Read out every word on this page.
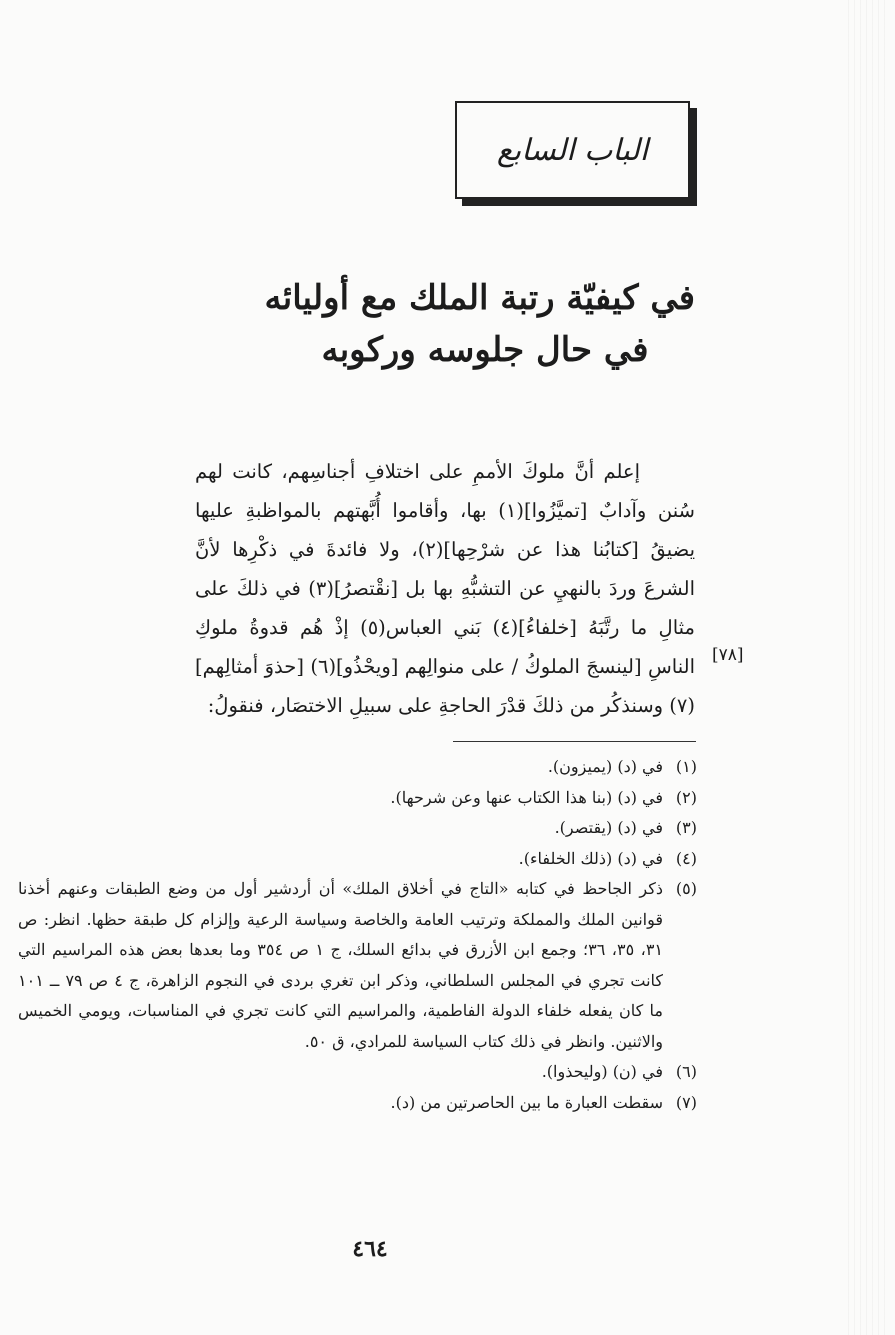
الباب السابع
في كيفيّة رتبة الملك مع أوليائه
في حال جلوسه وركوبه

إعلم أنَّ ملوكَ الأممِ على اختلافِ أجناسِهم، كانت لهم سُنن وآدابٌ [تميَّزُوا](١) بها، وأقاموا أُبَّهتهم بالمواظبةِ عليها يضيقُ [كتابُنا هذا عن شرْحِها](٢)، ولا فائدةَ في ذكْرِها لأنَّ الشرعَ وردَ بالنهيِ عن التشبُّهِ بها بل [نقْتصرُ](٣) في ذلكَ على مثالِ ما رتَّبَهُ [خلفاءُ](٤) بَني العباس(٥) إذْ هُم قدوةُ ملوكِ الناسِ [لينسجَ الملوكُ / على منوالِهم [ويحْذُو](٦) [حذوَ أمثالِهم](٧) وسنذكُر من ذلكَ قدْرَ الحاجةِ على سبيلِ الاختصَار، فنقولُ:

[٧٨]
(١)
في (د) (يميزون).
(٢)
في (د) (بنا هذا الكتاب عنها وعن شرحها).
(٣)
في (د) (يقتصر).
(٤)
في (د) (ذلك الخلفاء).
(٥)
ذكر الجاحظ في كتابه «التاج في أخلاق الملك» أن أردشير أول من وضع الطبقات وعنهم أخذنا قوانين الملك والمملكة وترتيب العامة والخاصة وسياسة الرعية وإلزام كل طبقة حظها. انظر: ص ٣١، ٣٥، ٣٦؛ وجمع ابن الأزرق في بدائع السلك، ج ١ ص ٣٥٤ وما بعدها بعض هذه المراسيم التي كانت تجري في المجلس السلطاني، وذكر ابن تغري بردى في النجوم الزاهرة، ج ٤ ص ٧٩ ــ ١٠١ ما كان يفعله خلفاء الدولة الفاطمية، والمراسيم التي كانت تجري في المناسبات، ويومي الخميس والاثنين. وانظر في ذلك كتاب السياسة للمرادي، ق ٥٠.
(٦)
في (ن) (وليحذوا).
(٧)
سقطت العبارة ما بين الحاصرتين من (د).
٤٦٤
